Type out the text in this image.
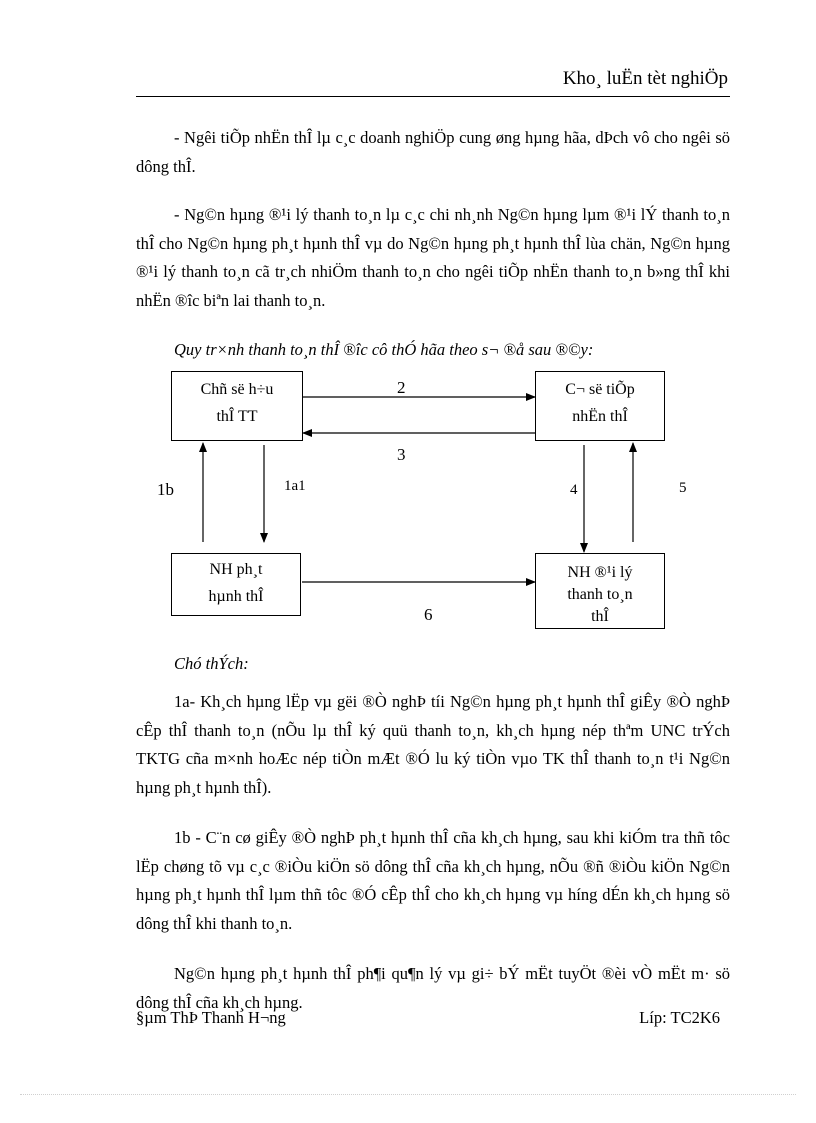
Kho¸ luËn tèt nghiÖp

- Ngêi tiÕp nhËn thÎ lµ c¸c doanh nghiÖp cung øng hµng hãa, dÞch vô cho ngêi sö dông thÎ.

- Ng©n hµng ®¹i lý thanh to¸n lµ c¸c chi nh¸nh Ng©n hµng lµm ®¹i lÝ thanh to¸n thÎ cho Ng©n hµng ph¸t hµnh thÎ vµ do Ng©n hµng ph¸t hµnh thÎ lùa chän, Ng©n hµng ®¹i lý thanh to¸n cã tr¸ch nhiÖm thanh to¸n cho ngêi tiÕp nhËn thanh to¸n b»ng thÎ khi nhËn ®îc biªn lai thanh to¸n.

Quy tr×nh thanh to¸n thÎ ®îc cô thÓ hãa theo s¬ ®å sau ®©y:

Chñ së h÷u
thÎ TT
C¬ së tiÕp
nhËn thÎ
NH ph¸t
hµnh thÎ
NH ®¹i lý
thanh to¸n
thÎ
2
3
1b	1a1	4	5
6

Chó thÝch:

1a- Kh¸ch hµng lËp vµ gëi ®Ò nghÞ tíi Ng©n hµng ph¸t hµnh thÎ giÊy ®Ò nghÞ cÊp thÎ thanh to¸n (nÕu lµ thÎ ký quü thanh to¸n, kh¸ch hµng nép thªm UNC trÝch TKTG cña m×nh hoÆc nép tiÒn mÆt ®Ó lu ký tiÒn vµo TK thÎ thanh to¸n t¹i Ng©n hµng ph¸t hµnh thÎ).

1b - C¨n cø giÊy ®Ò nghÞ ph¸t hµnh thÎ cña kh¸ch hµng, sau khi kiÓm tra thñ tôc lËp chøng tõ vµ c¸c ®iÒu kiÖn sö dông thÎ cña kh¸ch hµng, nÕu ®ñ ®iÒu kiÖn Ng©n hµng ph¸t hµnh thÎ lµm thñ tôc ®Ó cÊp thÎ cho kh¸ch hµng vµ híng dÉn kh¸ch hµng sö dông thÎ khi thanh to¸n.

Ng©n hµng ph¸t hµnh thÎ ph¶i qu¶n lý vµ gi÷ bÝ mËt tuyÖt ®èi vÒ mËt m· sö dông thÎ cña kh¸ch hµng.

§µm ThÞ Thanh H¬ng	Líp: TC2K6
